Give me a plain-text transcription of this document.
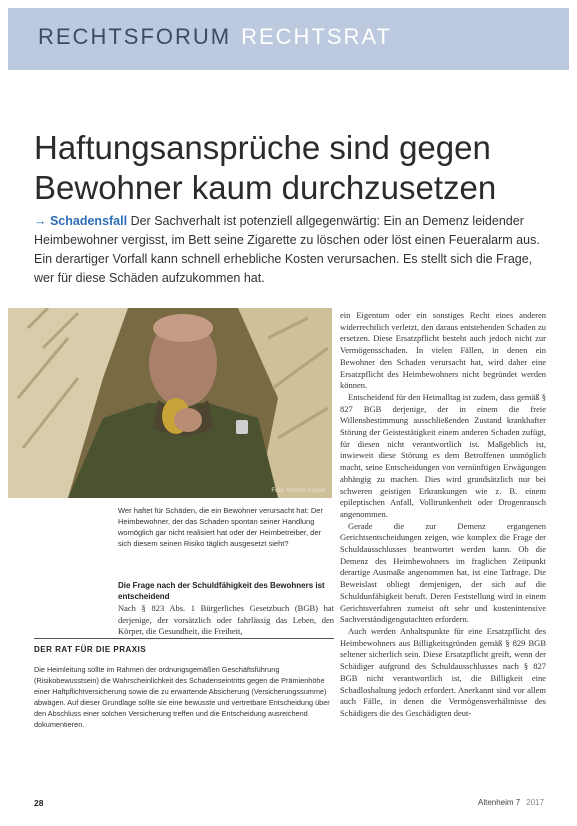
RECHTSFORUM RECHTSRAT
Haftungsansprüche sind gegen
Bewohner kaum durchzusetzen
→ Schadensfall Der Sachverhalt ist potenziell allgegenwärtig: Ein an Demenz leidender Heimbewohner vergisst, im Bett seine Zigarette zu löschen oder löst einen Feueralarm aus. Ein derartiger Vorfall kann schnell erhebliche Kosten verursachen. Es stellt sich die Frage, wer für diese Schäden aufzukommen hat.
Foto: Werner Krüper
Wer haftet für Schäden, die ein Bewohner verursacht hat: Der Heimbewohner, der das Schaden spontan seiner Handlung womöglich gar nicht realisiert hat oder der Heimbetreiber, der sich diesem seinen Risiko täglich ausgesetzt sieht?
Die Frage nach der Schuldfähigkeit des Bewohners ist entscheidend
Nach § 823 Abs. 1 Bürgerliches Gesetzbuch (BGB) hat derjenige, der vorsätzlich oder fahrlässig das Leben, den Körper, die Gesundheit, die Freiheit,
DER RAT FÜR DIE PRAXIS
Die Heimleitung sollte im Rahmen der ordnungsgemäßen Geschäftsführung (Risikobewusstsein) die Wahrscheinlichkeit des Schadenseintritts gegen die Prämienhöhe einer Haftpflichtversicherung sowie die zu erwartende Absicherung (Versicherungssumme) abwägen. Auf dieser Grundlage sollte sie eine bewusste und vertretbare Entscheidung über den Abschluss einer solchen Versicherung treffen und die Entscheidung ausreichend dokumentieren.

ein Eigentum oder ein sonstiges Recht eines anderen widerrechtlich verletzt, den daraus entstehenden Schaden zu ersetzen. Diese Ersatzpflicht besteht auch jedoch nicht zur Vermögensschaden. In vielen Fällen, in denen ein Bewohner den Schaden verursacht hat, wird daher eine Ersatzpflicht des Heimbewohners nicht begründet werden können.

Entscheidend für den Heimalltag ist zudem, dass gemäß § 827 BGB derjenige, der in einem die freie Willensbestimmung ausschließenden Zustand krankhafter Störung der Geistestätigkeit einem anderen Schaden zufügt, für diesen nicht verantwortlich ist. Maßgeblich ist, inwieweit diese Störung es dem Betroffenen unmöglich macht, seine Entscheidungen von vernünftigen Erwägungen abhängig zu machen. Dies wird grundsätzlich nur bei schweren geistigen Erkrankungen wie z. B. einem epileptischen Anfall, Volltrunkenheit oder Drogenrausch angenommen.

Gerade die zur Demenz ergangenen Gerichtsentscheidungen zeigen, wie komplex die Frage der Schuldausschlusses beantwortet werden kann. Ob die Demenz des Heimbewohners im fraglichen Zeitpunkt derartige Ausmaße angenommen hat, ist eine Tatfrage. Die Beweislast obliegt demjenigen, der sich auf die Schuldunfähigkeit beruft. Deren Feststellung wird in einem Gerichtsverfahren zumeist oft sehr und kostenintensive Sachverständigengutachten erfordern.

Auch werden Anhaltspunkte für eine Ersatzpflicht des Heimbewohners aus Billigkeitsgründen gemäß § 829 BGB seltener sicherlich sein. Diese Ersatzpflicht greift, wenn der Schädiger aufgrund des Schuldausschlusses nach § 827 BGB nicht verantwortlich ist, die Billigkeit eine Schadloshaltung jedoch erfordert. Anerkannt sind vor allem auch Fälle, in denen die Vermögensverhältnisse des Schädigers die des Geschädigten deut-

28	Altenheim 7 2017
